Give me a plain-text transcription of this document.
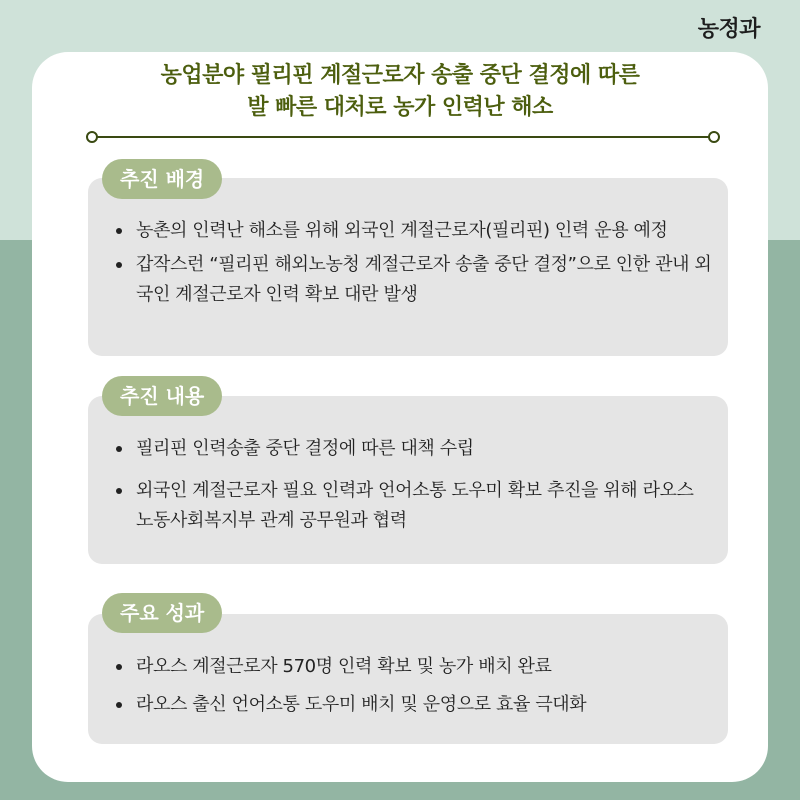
농정과
농업분야 필리핀 계절근로자 송출 중단 결정에 따른
발 빠른 대처로 농가 인력난 해소
농촌의 인력난 해소를 위해 외국인 계절근로자(필리핀) 인력 운용 예정
갑작스런 “필리핀 해외노농청 계절근로자 송출 중단 결정”으로 인한 관내 외국인 계절근로자 인력 확보 대란 발생
추진 배경
필리핀 인력송출 중단 결정에 따른 대책 수립
외국인 계절근로자 필요 인력과 언어소통 도우미 확보 추진을 위해 라오스 노동사회복지부 관계 공무원과 협력
추진 내용
라오스 계절근로자 570명 인력 확보 및 농가 배치 완료
라오스 출신 언어소통 도우미 배치 및 운영으로 효율 극대화
주요 성과
